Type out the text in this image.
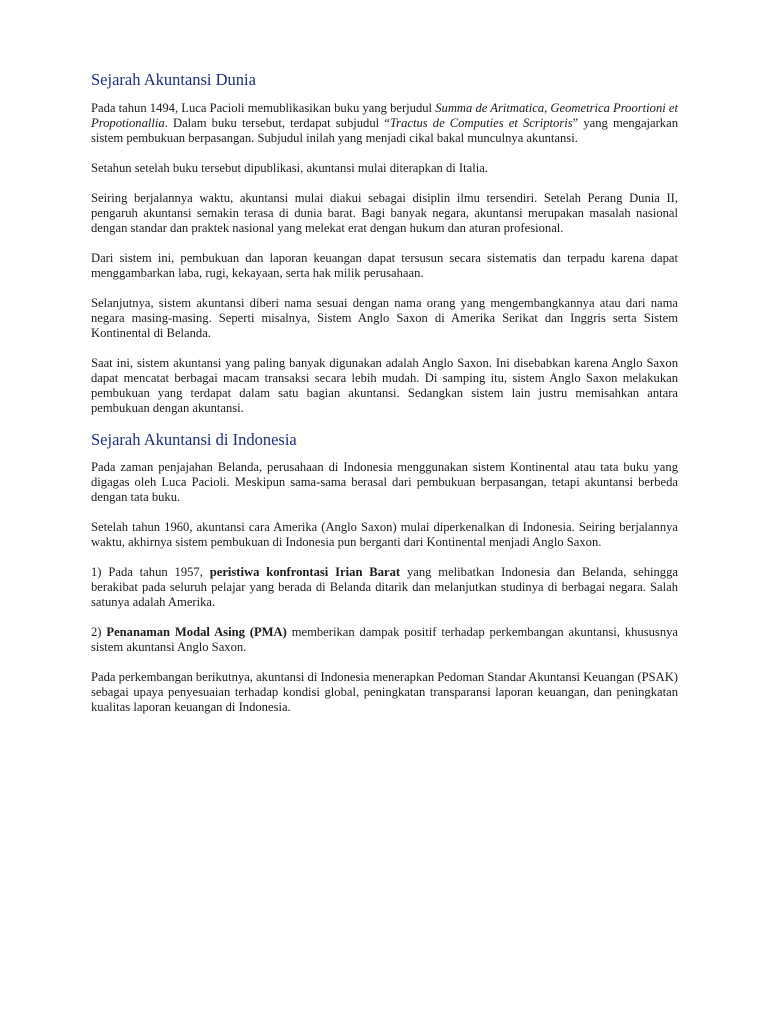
Sejarah Akuntansi Dunia

Pada tahun 1494, Luca Pacioli memublikasikan buku yang berjudul Summa de Aritmatica, Geometrica Proortioni et Propotionallia. Dalam buku tersebut, terdapat subjudul “Tractus de Computies et Scriptoris” yang mengajarkan sistem pembukuan berpasangan. Subjudul inilah yang menjadi cikal bakal munculnya akuntansi.

Setahun setelah buku tersebut dipublikasi, akuntansi mulai diterapkan di Italia.

Seiring berjalannya waktu, akuntansi mulai diakui sebagai disiplin ilmu tersendiri. Setelah Perang Dunia II, pengaruh akuntansi semakin terasa di dunia barat. Bagi banyak negara, akuntansi merupakan masalah nasional dengan standar dan praktek nasional yang melekat erat dengan hukum dan aturan profesional.

Dari sistem ini, pembukuan dan laporan keuangan dapat tersusun secara sistematis dan terpadu karena dapat menggambarkan laba, rugi, kekayaan, serta hak milik perusahaan.

Selanjutnya, sistem akuntansi diberi nama sesuai dengan nama orang yang mengembangkannya atau dari nama negara masing-masing. Seperti misalnya, Sistem Anglo Saxon di Amerika Serikat dan Inggris serta Sistem Kontinental di Belanda.

Saat ini, sistem akuntansi yang paling banyak digunakan adalah Anglo Saxon. Ini disebabkan karena Anglo Saxon dapat mencatat berbagai macam transaksi secara lebih mudah. Di samping itu, sistem Anglo Saxon melakukan pembukuan yang terdapat dalam satu bagian akuntansi. Sedangkan sistem lain justru memisahkan antara pembukuan dengan akuntansi.

Sejarah Akuntansi di Indonesia

Pada zaman penjajahan Belanda, perusahaan di Indonesia menggunakan sistem Kontinental atau tata buku yang digagas oleh Luca Pacioli. Meskipun sama-sama berasal dari pembukuan berpasangan, tetapi akuntansi berbeda dengan tata buku.

Setelah tahun 1960, akuntansi cara Amerika (Anglo Saxon) mulai diperkenalkan di Indonesia. Seiring berjalannya waktu, akhirnya sistem pembukuan di Indonesia pun berganti dari Kontinental menjadi Anglo Saxon.

1) Pada tahun 1957, peristiwa konfrontasi Irian Barat yang melibatkan Indonesia dan Belanda, sehingga berakibat pada seluruh pelajar yang berada di Belanda ditarik dan melanjutkan studinya di berbagai negara. Salah satunya adalah Amerika.

2) Penanaman Modal Asing (PMA) memberikan dampak positif terhadap perkembangan akuntansi, khususnya sistem akuntansi Anglo Saxon.

Pada perkembangan berikutnya, akuntansi di Indonesia menerapkan Pedoman Standar Akuntansi Keuangan (PSAK) sebagai upaya penyesuaian terhadap kondisi global, peningkatan transparansi laporan keuangan, dan peningkatan kualitas laporan keuangan di Indonesia.
